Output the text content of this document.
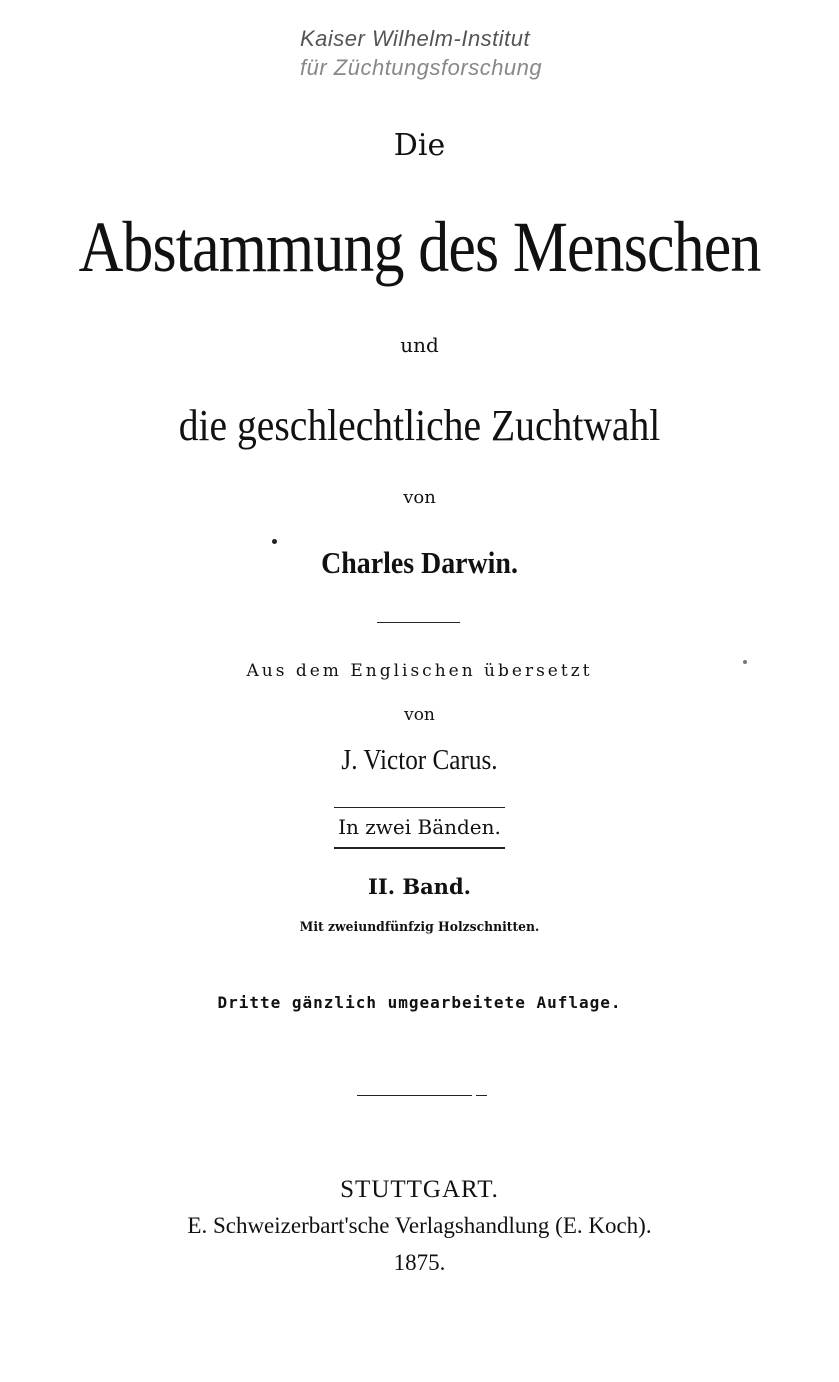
Kaiser Wilhelm-Institut
für Züchtungsforschung
Die
Abstammung des Menschen
und
die geschlechtliche Zuchtwahl
von
Charles Darwin.
Aus dem Englischen übersetzt
von
J. Victor Carus.
In zwei Bänden.
II. Band.
Mit zweiundfünfzig Holzschnitten.
Dritte gänzlich umgearbeitete Auflage.
STUTTGART.
E. Schweizerbart'sche Verlagshandlung (E. Koch).
1875.
